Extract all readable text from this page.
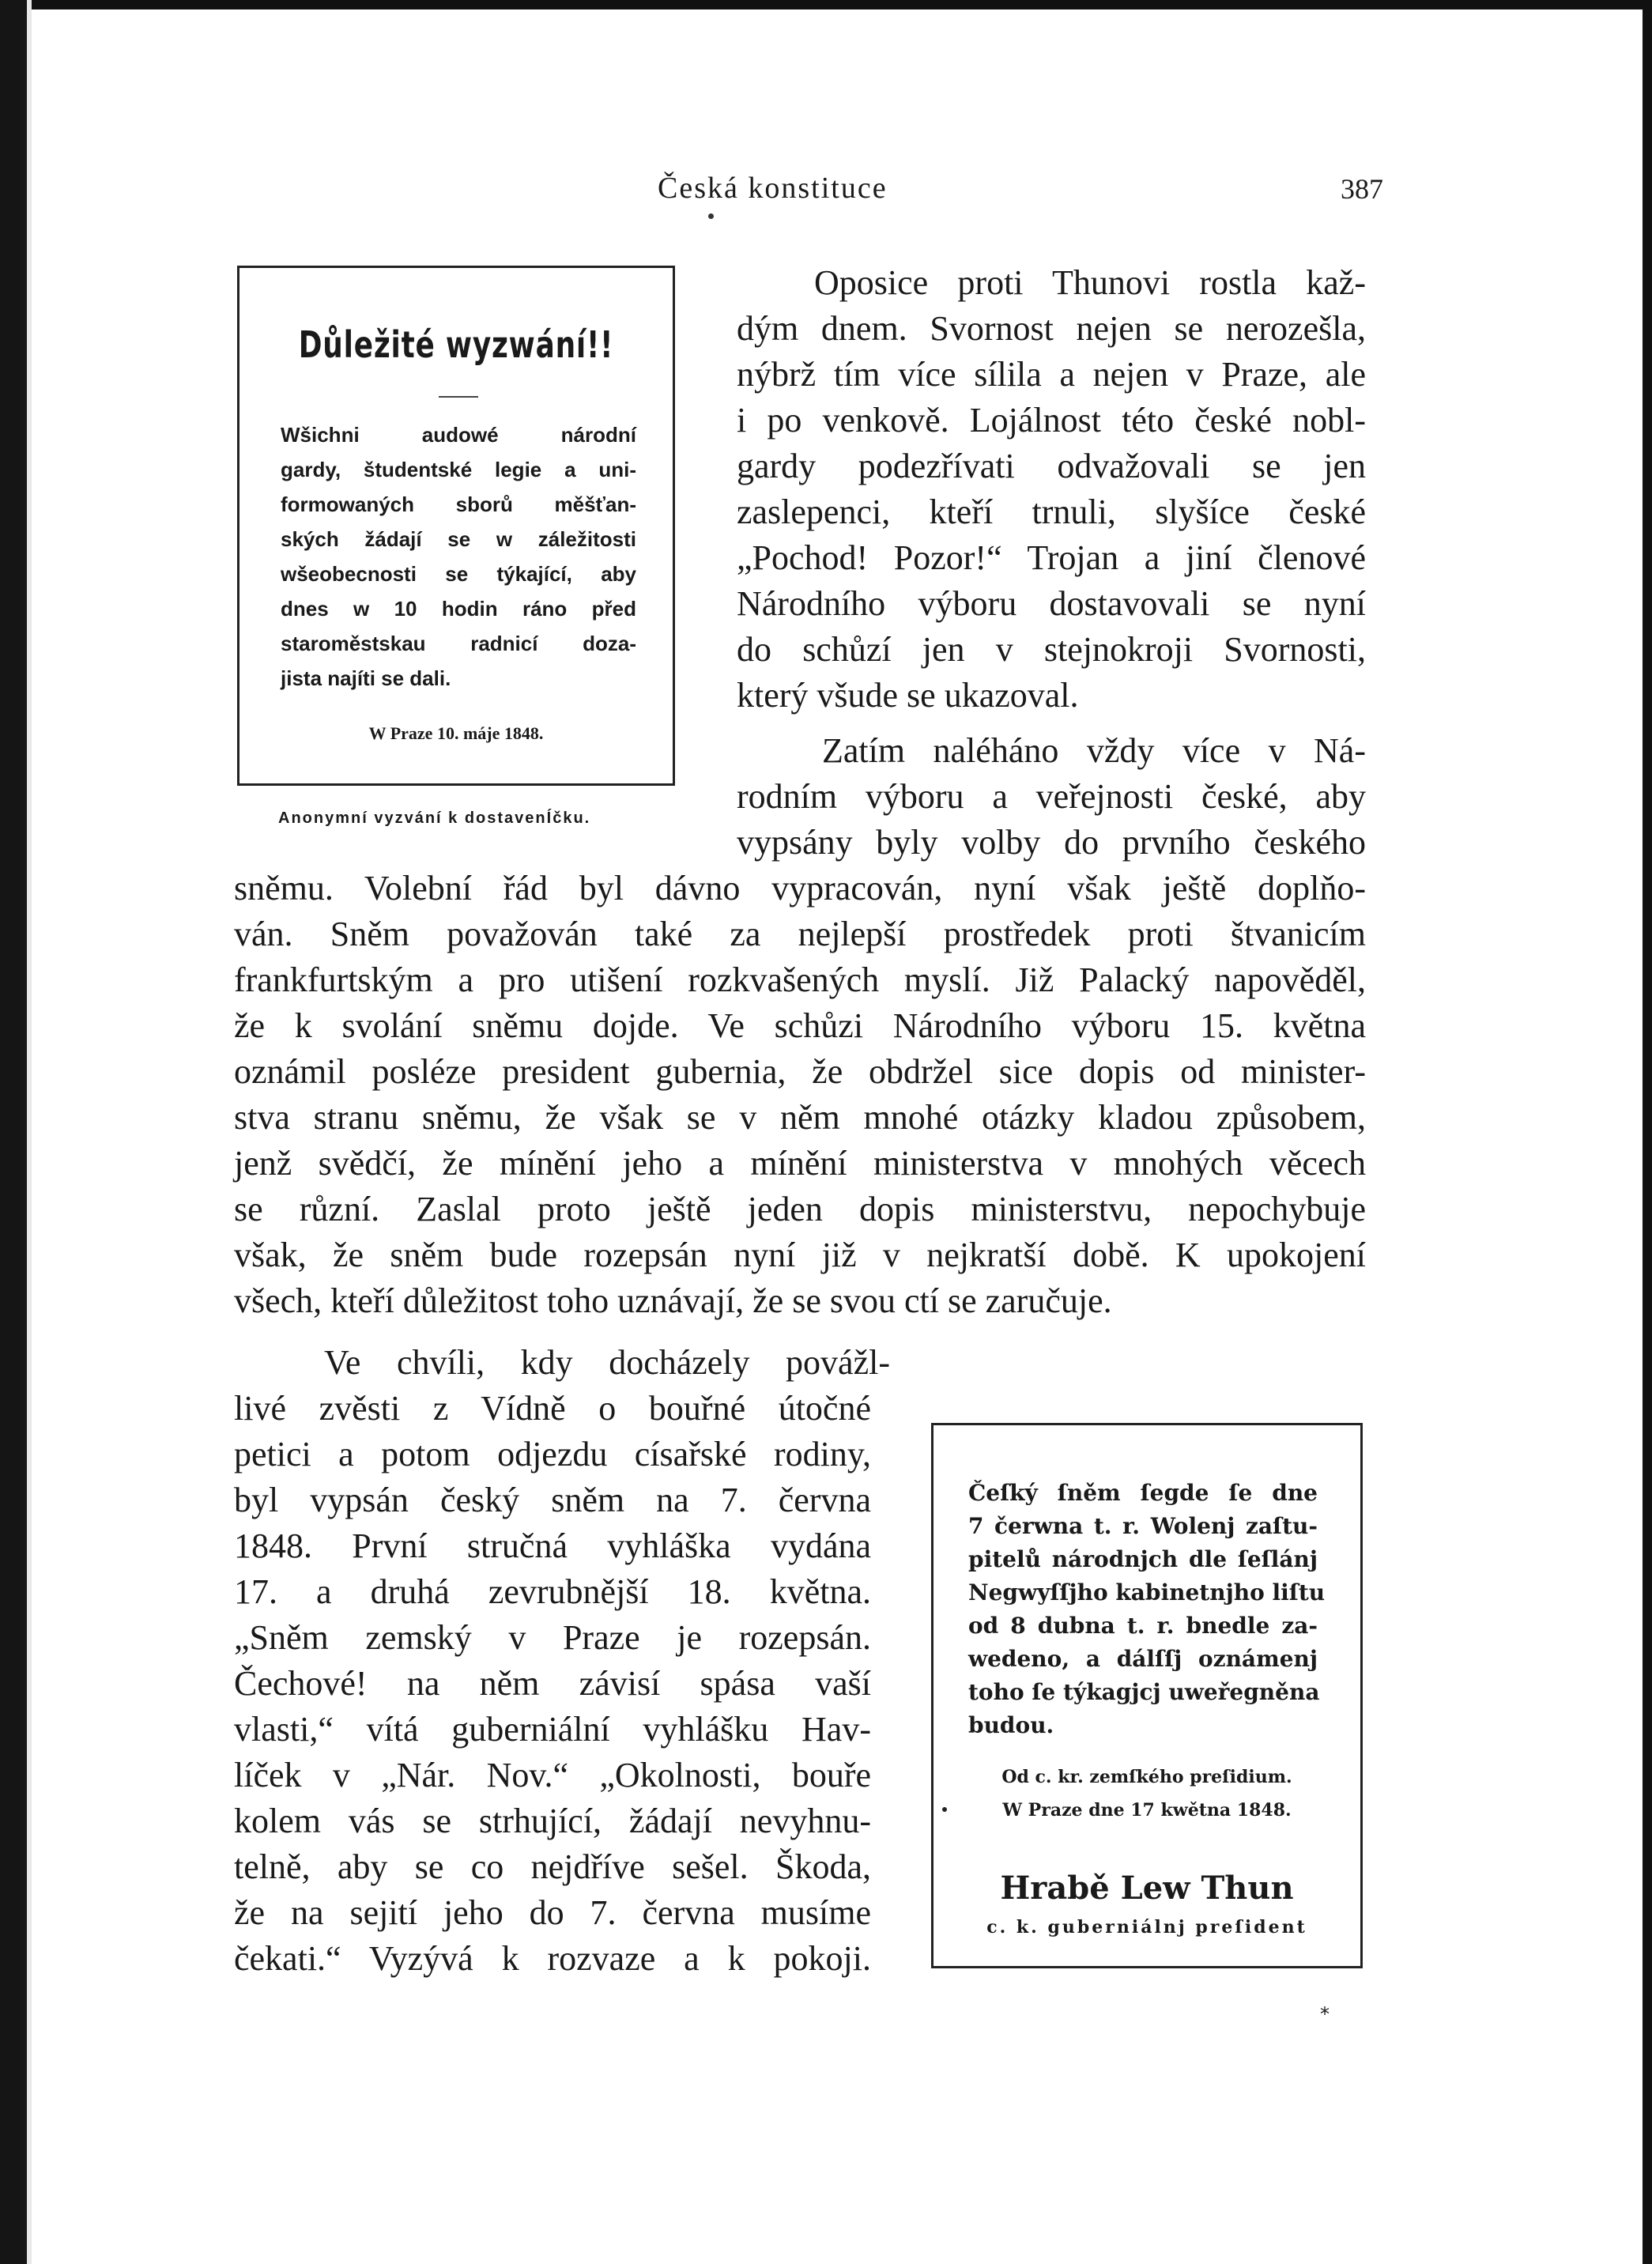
Česká konstituce	387
Důležité wyzwání!!

Wšichni audowé národní

gardy, študentské legie a uni-

formowaných sborů měšťan-

ských žádají se w záležitosti

wšeobecnosti se týkající, aby

dnes w 10 hodin ráno před

staroměstskau radnicí doza-

jista najíti se dali.

W Praze 10. máje 1848.
Anonymní vyzvání k dostavenÍčku.

Oposice proti Thunovi rostla kaž-

dým dnem. Svornost nejen se nerozešla,

nýbrž tím více sílila a nejen v Praze, ale

i po venkově. Lojálnost této české nobl-

gardy podezřívati odvažovali se jen

zaslepenci, kteří trnuli, slyšíce české

„Pochod! Pozor!“ Trojan a jiní členové

Národního výboru dostavovali se nyní

do schůzí jen v stejnokroji Svornosti,

který všude se ukazoval.

Zatím naléháno vždy více v Ná-

rodním výboru a veřejnosti české, aby

vypsány byly volby do prvního českého

sněmu. Volební řád byl dávno vypracován, nyní však ještě doplňo-

ván. Sněm považován také za nejlepší prostředek proti štvanicím

frankfurtským a pro utišení rozkvašených myslí. Již Palacký napověděl,

že k svolání sněmu dojde. Ve schůzi Národního výboru 15. května

oznámil posléze president gubernia, že obdržel sice dopis od minister-

stva stranu sněmu, že však se v něm mnohé otázky kladou způsobem,

jenž svědčí, že mínění jeho a mínění ministerstva v mnohých věcech

se různí. Zaslal proto ještě jeden dopis ministerstvu, nepochybuje

však, že sněm bude rozepsán nyní již v nejkratší době. K upokojení

všech, kteří důležitost toho uznávají, že se svou ctí se zaručuje.

Ve chvíli, kdy docházely povážl-

livé zvěsti z Vídně o bouřné útočné

petici a potom odjezdu císařské rodiny,

byl vypsán český sněm na 7. června

1848. První stručná vyhláška vydána

17. a druhá zevrubnější 18. května.

„Sněm zemský v Praze je rozepsán.

Čechové! na něm závisí spása vaší

vlasti,“ vítá guberniální vyhlášku Hav-

líček v „Nár. Nov.“ „Okolnosti, bouře

kolem vás se strhující, žádají nevyhnu-

telně, aby se co nejdříve sešel. Škoda,

že na sejití jeho do 7. června musíme

čekati.“ Vyzývá k rozvaze a k pokoji.

Čeſký ſněm ſegde ſe dne

7 čerwna t. r. Wolenj zaſtu-

pitelů národnjch dle ſeſlánj

Negwyſſjho kabinetnjho liſtu

od 8 dubna t. r. bnedle za-

wedeno, a dálſſj oznámenj

toho ſe týkagjcj uweřegněna

budou.

Od c. kr. zemſkého preſidium.

W Praze dne 17 kwětna 1848.

Hrabě Lew Thun
c. k. guberniálnj preſident
*
